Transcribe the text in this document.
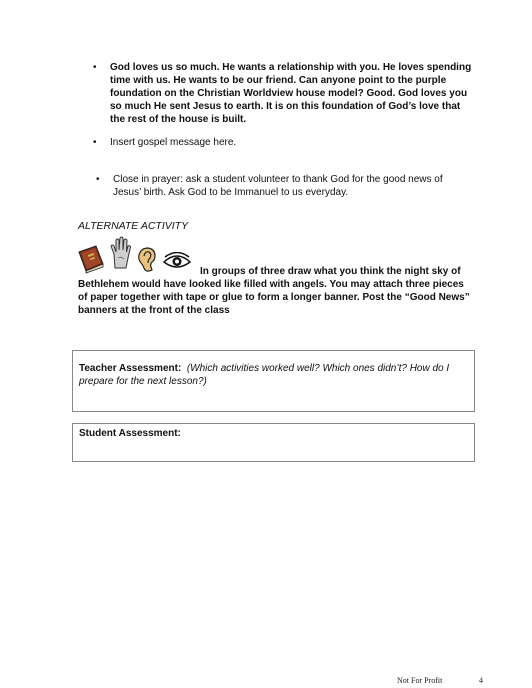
• God loves us so much. He wants a relationship with you. He loves spending time with us. He wants to be our friend. Can anyone point to the purple foundation on the Christian Worldview house model? Good. God loves you so much He sent Jesus to earth. It is on this foundation of God’s love that the rest of the house is built.
• Insert gospel message here.
• Close in prayer: ask a student volunteer to thank God for the good news of Jesus’ birth. Ask God to be Immanuel to us everyday.
ALTERNATE ACTIVITY
In groups of three draw what you think the night sky of Bethlehem would have looked like filled with angels. You may attach three pieces of paper together with tape or glue to form a longer banner. Post the “Good News” banners at the front of the class
Teacher Assessment: (Which activities worked well? Which ones didn’t? How do I prepare for the next lesson?)
Student Assessment:
Not For Profit	4
